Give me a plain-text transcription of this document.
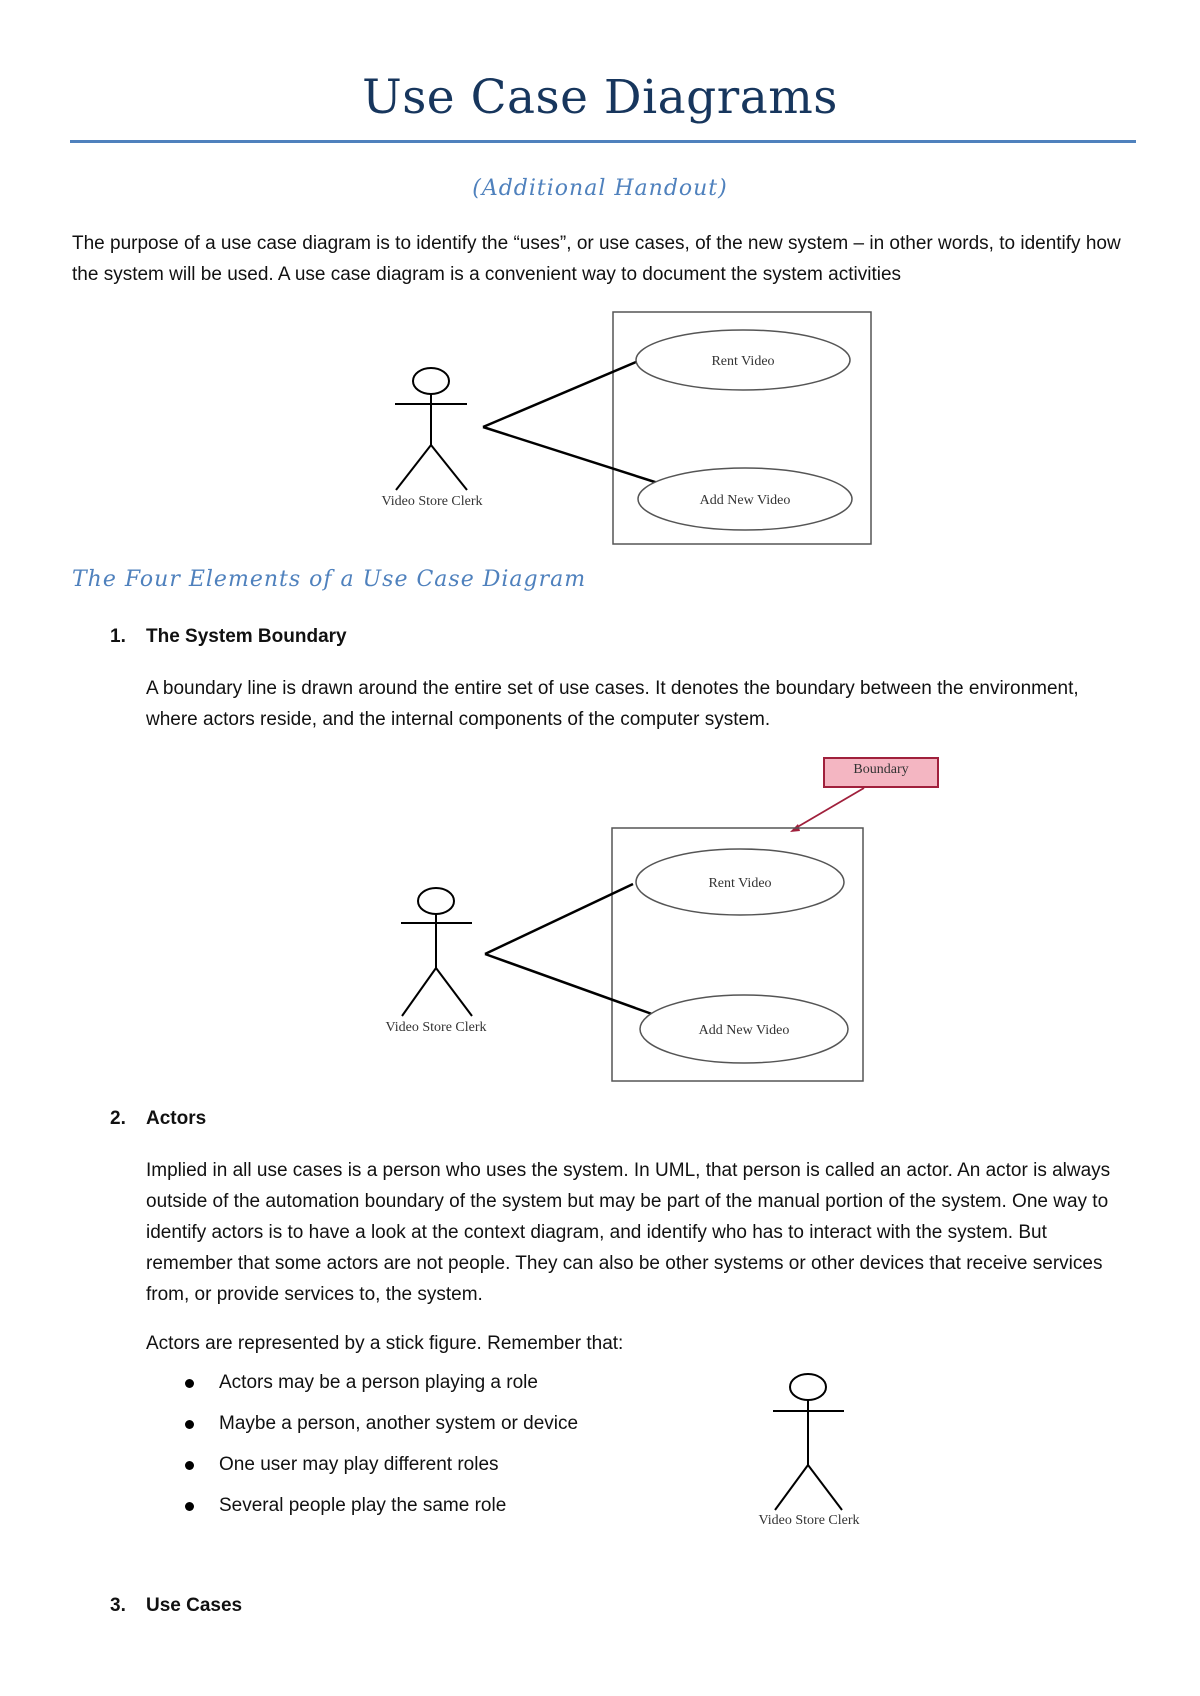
Use Case Diagrams
(Additional Handout)

The purpose of a use case diagram is to identify the “uses”, or use cases, of the new system – in other words, to identify how the system will be used. A use case diagram is a convenient way to document the system activities

Rent Video
Add New Video
Video Store Clerk
The Four Elements of a Use Case Diagram
1. The System Boundary

A boundary line is drawn around the entire set of use cases. It denotes the boundary between the environment, where actors reside, and the internal components of the computer system.

Boundary
Rent Video
Add New Video
Video Store Clerk
2. Actors

Implied in all use cases is a person who uses the system. In UML, that person is called an actor. An actor is always outside of the automation boundary of the system but may be part of the manual portion of the system. One way to identify actors is to have a look at the context diagram, and identify who has to interact with the system. But remember that some actors are not people. They can also be other systems or other devices that receive services from, or provide services to, the system.

Actors are represented by a stick figure. Remember that:

Actors may be a person playing a role
Maybe a person, another system or device
One user may play different roles
Several people play the same role
Video Store Clerk
3. Use Cases
